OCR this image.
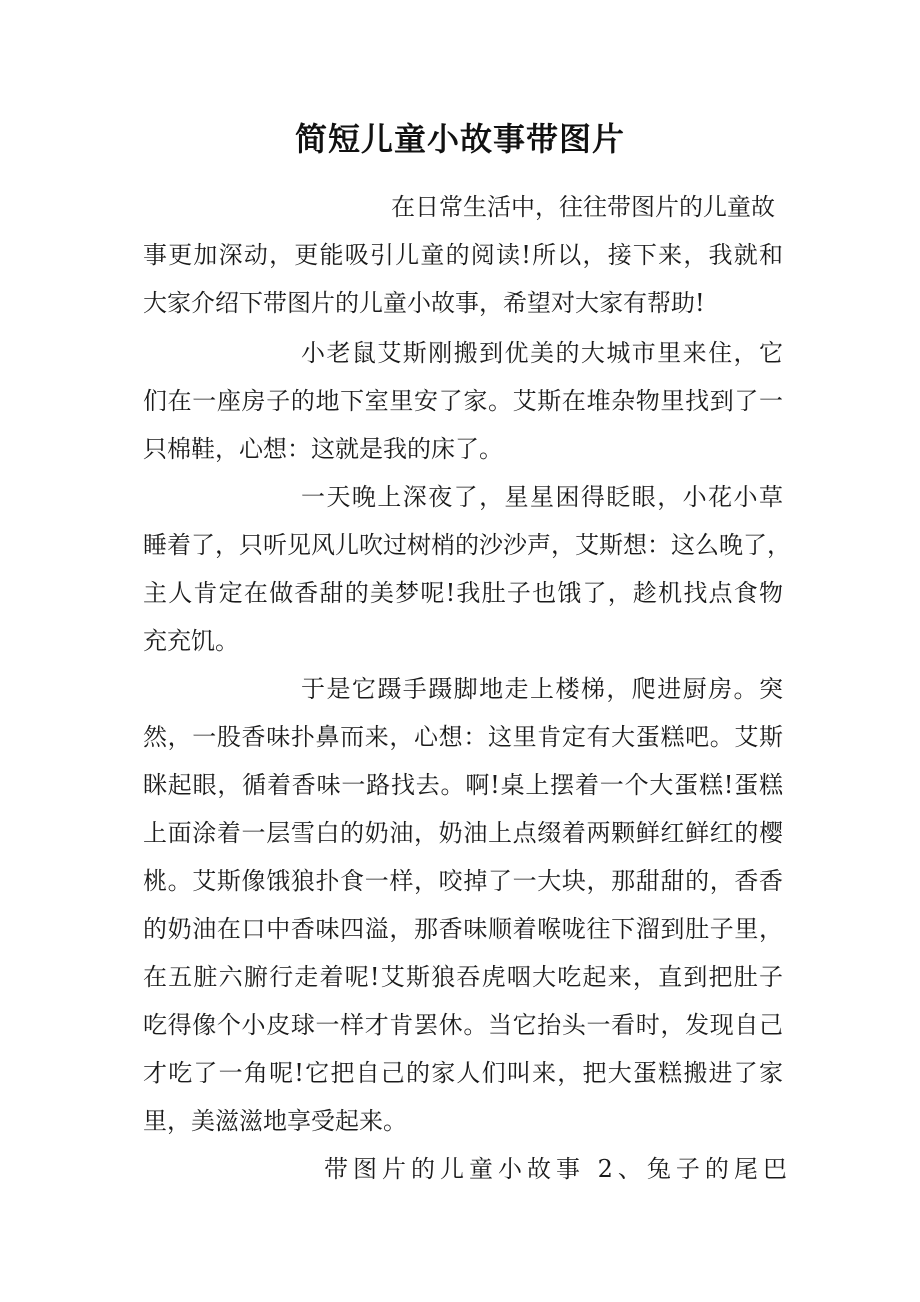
简短儿童小故事带图片
在日常生活中，往往带图片的儿童故
事更加深动，更能吸引儿童的阅读!所以，接下来，我就和
大家介绍下带图片的儿童小故事，希望对大家有帮助!
小老鼠艾斯刚搬到优美的大城市里来住，它
们在一座房子的地下室里安了家。艾斯在堆杂物里找到了一
只棉鞋，心想：这就是我的床了。
一天晚上深夜了，星星困得眨眼，小花小草
睡着了，只听见风儿吹过树梢的沙沙声，艾斯想：这么晚了，
主人肯定在做香甜的美梦呢!我肚子也饿了，趁机找点食物
充充饥。
于是它蹑手蹑脚地走上楼梯，爬进厨房。突
然，一股香味扑鼻而来，心想：这里肯定有大蛋糕吧。艾斯
眯起眼，循着香味一路找去。啊!桌上摆着一个大蛋糕!蛋糕
上面涂着一层雪白的奶油，奶油上点缀着两颗鲜红鲜红的樱
桃。艾斯像饿狼扑食一样，咬掉了一大块，那甜甜的，香香
的奶油在口中香味四溢，那香味顺着喉咙往下溜到肚子里，
在五脏六腑行走着呢!艾斯狼吞虎咽大吃起来，直到把肚子
吃得像个小皮球一样才肯罢休。当它抬头一看时，发现自己
才吃了一角呢!它把自己的家人们叫来，把大蛋糕搬进了家
里，美滋滋地享受起来。
带图片的儿童小故事 2、兔子的尾巴
